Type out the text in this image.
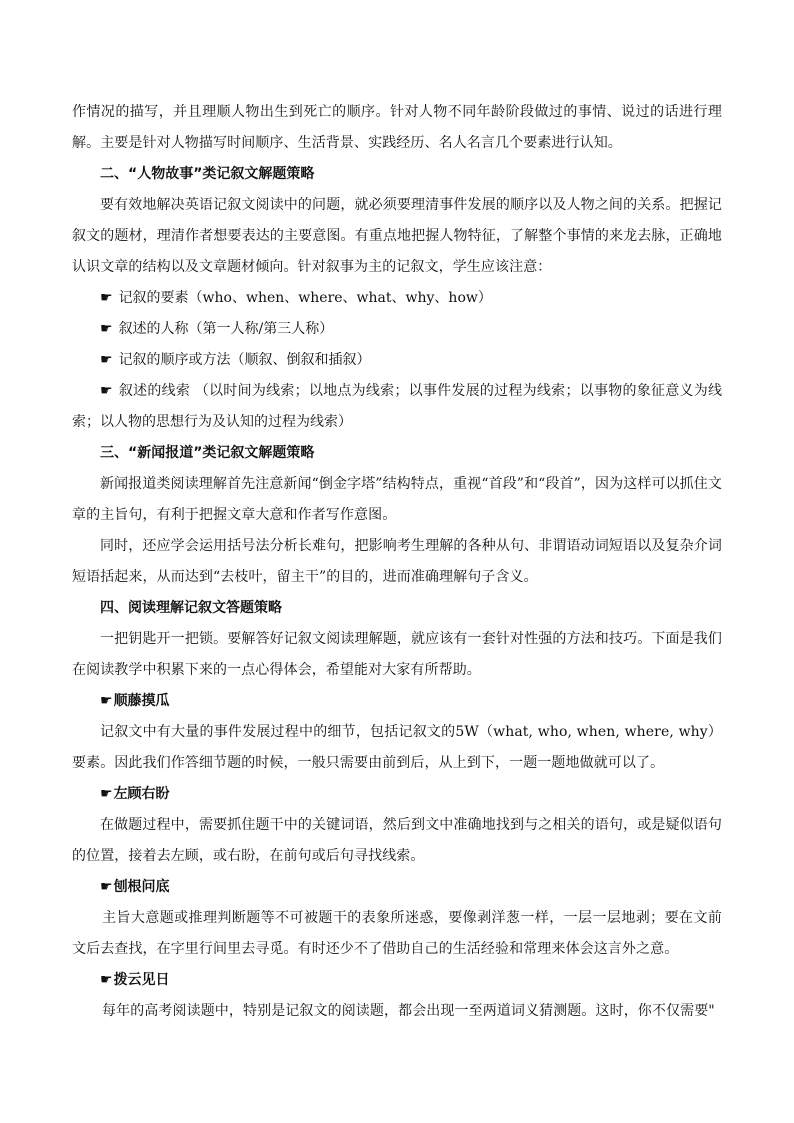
作情况的描写，并且理顺人物出生到死亡的顺序。针对人物不同年龄阶段做过的事情、说过的话进行理解。主要是针对人物描写时间顺序、生活背景、实践经历、名人名言几个要素进行认知。

二、“人物故事”类记叙文解题策略

要有效地解决英语记叙文阅读中的问题，就必须要理清事件发展的顺序以及人物之间的关系。把握记叙文的题材，理清作者想要表达的主要意图。有重点地把握人物特征，了解整个事情的来龙去脉，正确地认识文章的结构以及文章题材倾向。针对叙事为主的记叙文，学生应该注意：

☛ 记叙的要素（who、when、where、what、why、how）

☛ 叙述的人称（第一人称/第三人称）

☛ 记叙的顺序或方法（顺叙、倒叙和插叙）

☛ 叙述的线索 （以时间为线索；以地点为线索；以事件发展的过程为线索；以事物的象征意义为线索；以人物的思想行为及认知的过程为线索）

三、“新闻报道”类记叙文解题策略

新闻报道类阅读理解首先注意新闻“倒金字塔”结构特点，重视“首段”和“段首”，因为这样可以抓住文章的主旨句，有利于把握文章大意和作者写作意图。

同时，还应学会运用括号法分析长难句，把影响考生理解的各种从句、非谓语动词短语以及复杂介词短语括起来，从而达到“去枝叶，留主干”的目的，进而准确理解句子含义。

四、阅读理解记叙文答题策略

一把钥匙开一把锁。要解答好记叙文阅读理解题，就应该有一套针对性强的方法和技巧。下面是我们在阅读教学中积累下来的一点心得体会，希望能对大家有所帮助。

☛顺藤摸瓜

记叙文中有大量的事件发展过程中的细节，包括记叙文的5W（what, who, when, where, why）要素。因此我们作答细节题的时候，一般只需要由前到后，从上到下，一题一题地做就可以了。

☛左顾右盼

在做题过程中，需要抓住题干中的关键词语，然后到文中准确地找到与之相关的语句，或是疑似语句的位置，接着去左顾，或右盼，在前句或后句寻找线索。

☛刨根问底

主旨大意题或推理判断题等不可被题干的表象所迷惑，要像剥洋葱一样，一层一层地剥；要在文前文后去查找，在字里行间里去寻觅。有时还少不了借助自己的生活经验和常理来体会这言外之意。

☛拨云见日

每年的高考阅读题中，特别是记叙文的阅读题，都会出现一至两道词义猜测题。这时，你不仅需要"
